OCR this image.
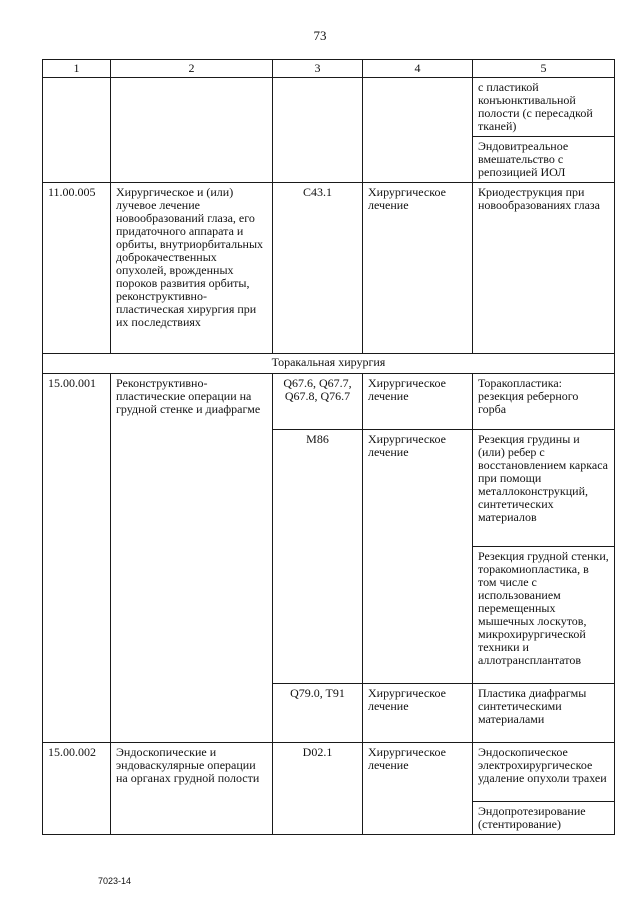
73
1	2	3	4	5
				с пластикой конъюнктивальной полости (с пересадкой тканей)
				Эндовитреальное вмешательство с репозицией ИОЛ
11.00.005	Хирургическое и (или) лучевое лечение новообразований глаза, его придаточного аппарата и орбиты, внутриорбитальных доброкачественных опухолей, врожденных пороков развития орбиты, реконструктивно-пластическая хирургия при их последствиях	C43.1	Хирургическое лечение	Криодеструкция при новообразованиях глаза
Торакальная хирургия				
15.00.001	Реконструктивно-пластические операции на грудной стенке и диафрагме	Q67.6, Q67.7, Q67.8, Q76.7	Хирургическое лечение	Торакопластика: резекция реберного горба
		M86	Хирургическое лечение	Резекция грудины и (или) ребер с восстановлением каркаса при помощи металлоконструкций, синтетических материалов
				Резекция грудной стенки, торакомиопластика, в том числе с использованием перемещенных мышечных лоскутов, микрохирургической техники и аллотрансплантатов
		Q79.0, T91	Хирургическое лечение	Пластика диафрагмы синтетическими материалами
15.00.002	Эндоскопические и эндоваскулярные операции на органах грудной полости	D02.1	Хирургическое лечение	Эндоскопическое электрохирургическое удаление опухоли трахеи
				Эндопротезирование (стентирование)
7023-14
